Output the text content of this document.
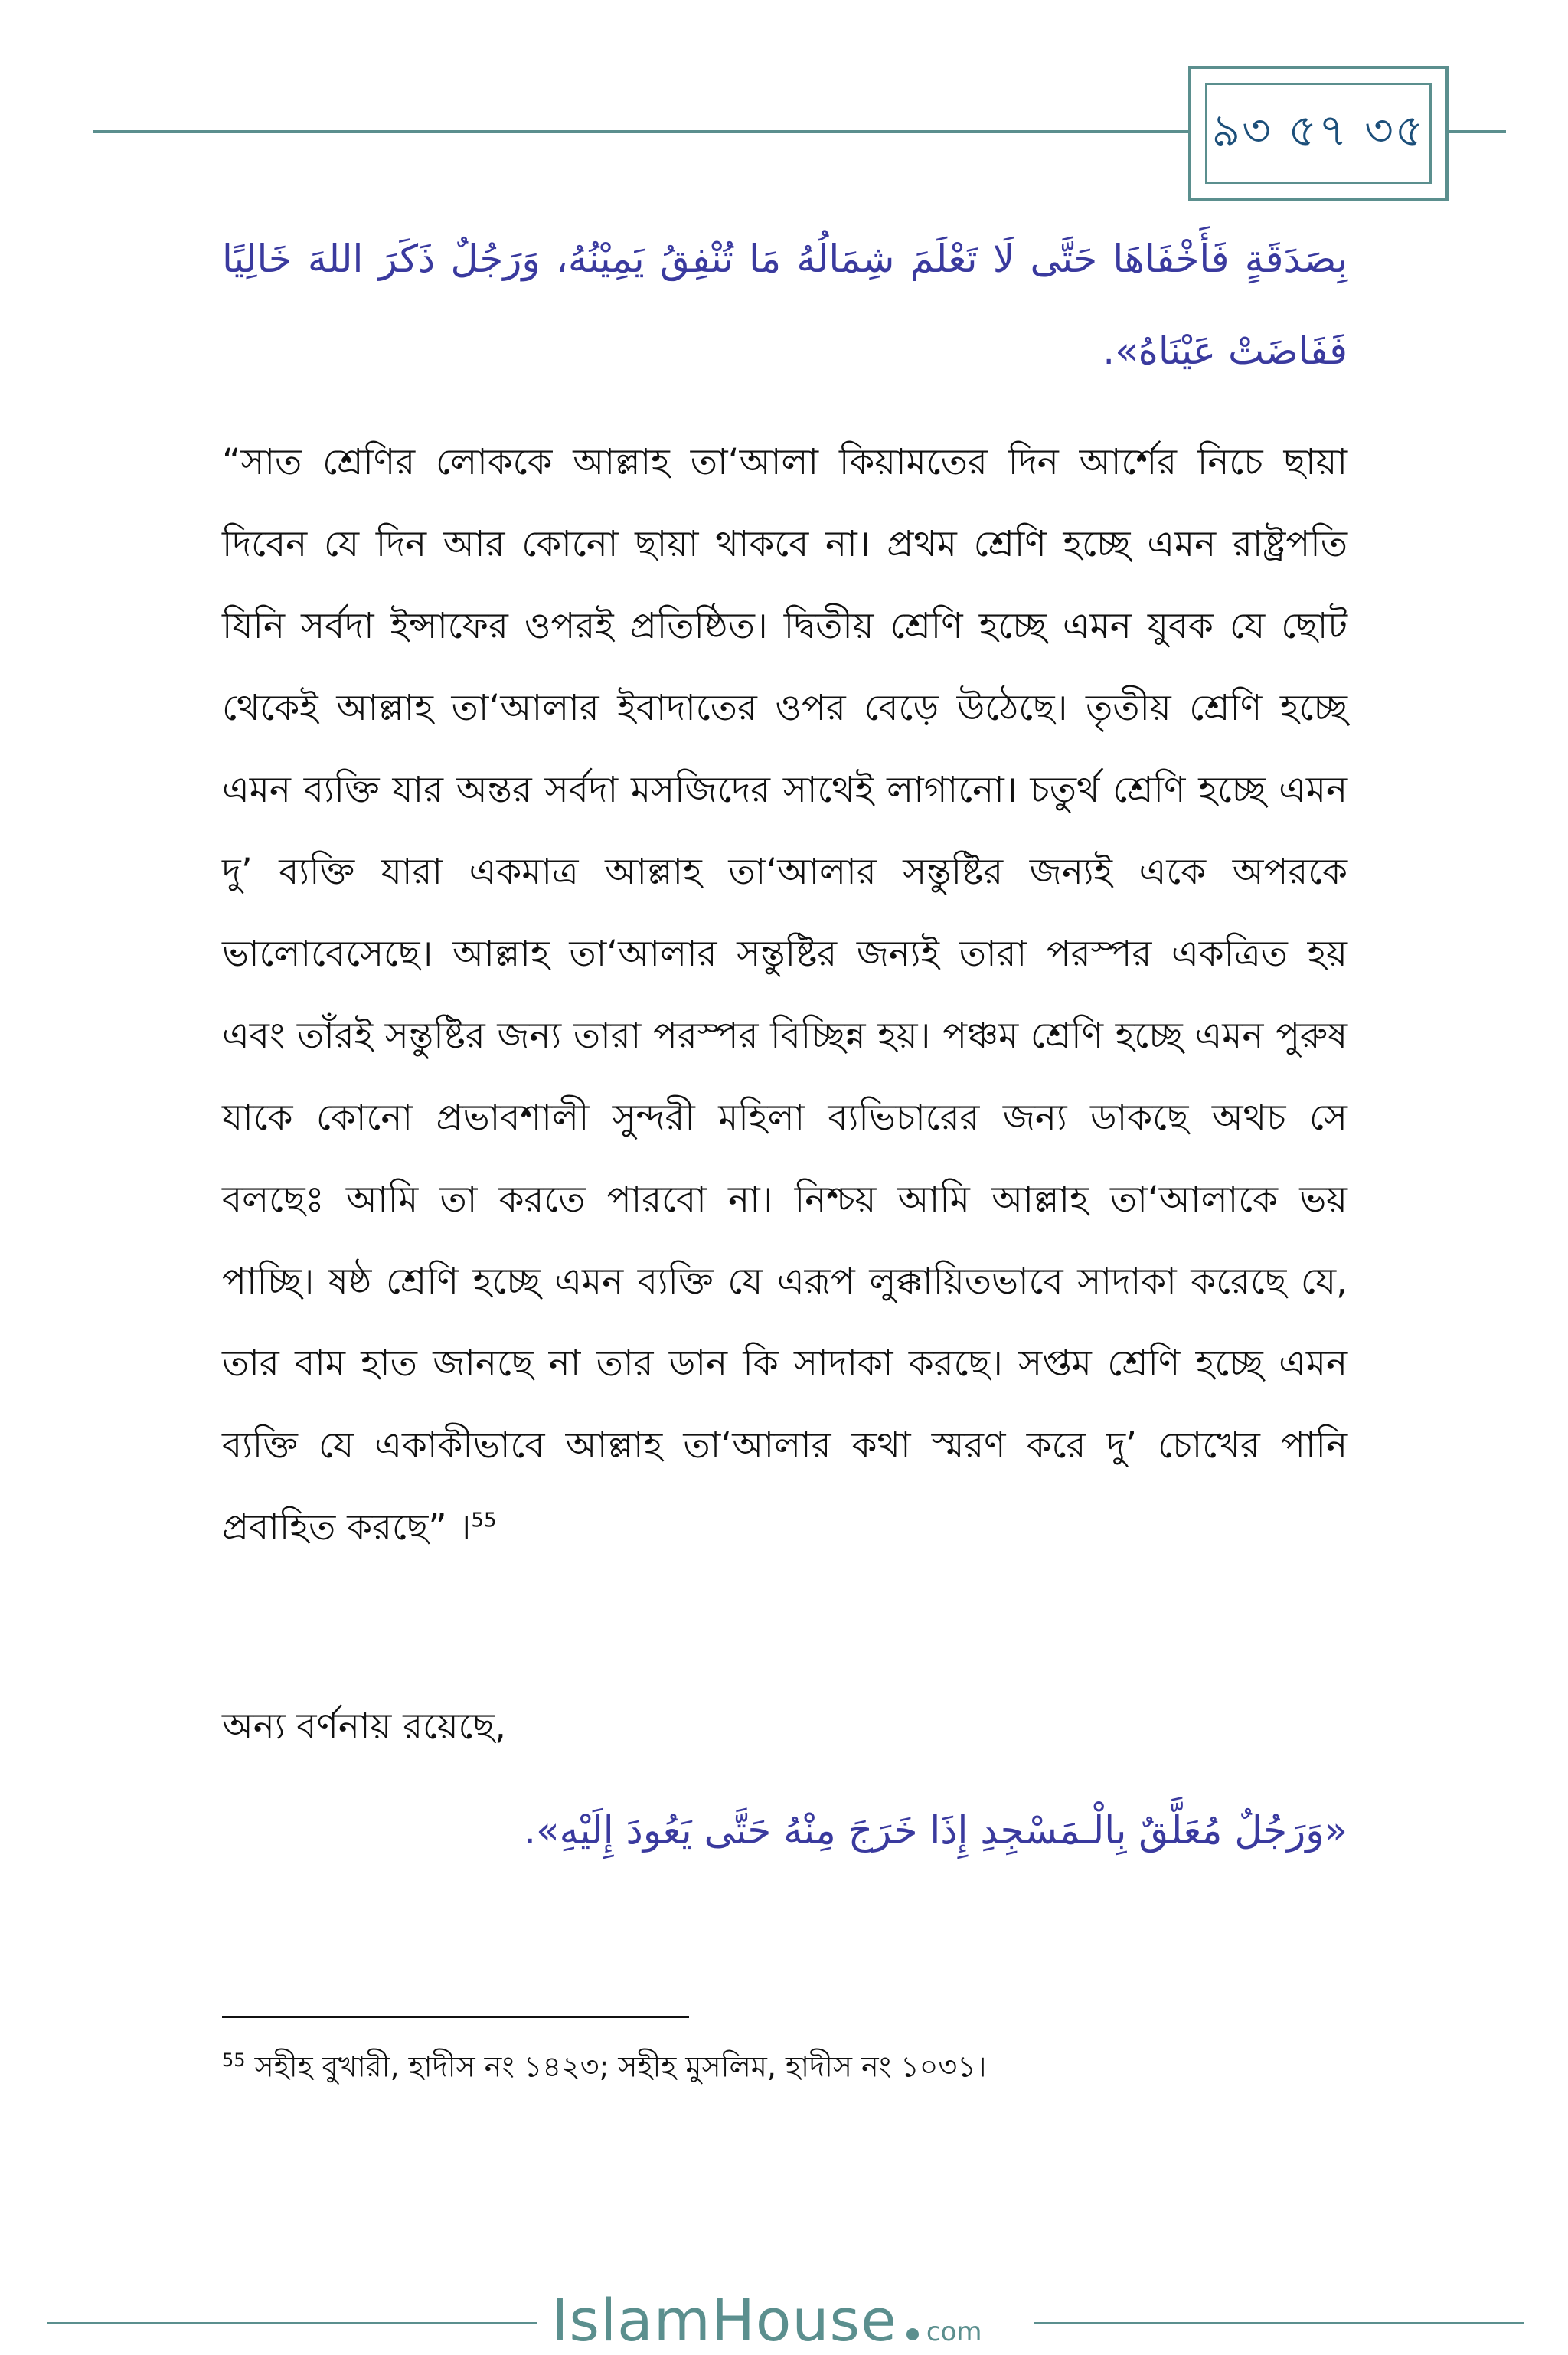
৯৩ ৫৭ ৩৫
بِصَدَقَةٍ فَأَخْفَاهَا حَتَّى لَا تَعْلَمَ شِمَالُهُ مَا تُنْفِقُ يَمِيْنُهُ، وَرَجُلٌ ذَكَرَ اللهَ خَالِيًا فَفَاضَتْ عَيْنَاهُ».
“সাত শ্রেণির লোককে আল্লাহ তা‘আলা কিয়ামতের দিন আর্শের নিচে ছায়া দিবেন যে দিন আর কোনো ছায়া থাকবে না। প্রথম শ্রেণি হচ্ছে এমন রাষ্ট্রপতি যিনি সর্বদা ইন্সাফের ওপরই প্রতিষ্ঠিত। দ্বিতীয় শ্রেণি হচ্ছে এমন যুবক যে ছোট থেকেই আল্লাহ তা‘আলার ইবাদাতের ওপর বেড়ে উঠেছে। তৃতীয় শ্রেণি হচ্ছে এমন ব্যক্তি যার অন্তর সর্বদা মসজিদের সাথেই লাগানো। চতুর্থ শ্রেণি হচ্ছে এমন দু’ ব্যক্তি যারা একমাত্র আল্লাহ তা‘আলার সন্তুষ্টির জন্যই একে অপরকে ভালোবেসেছে। আল্লাহ তা‘আলার সন্তুষ্টির জন্যই তারা পরস্পর একত্রিত হয় এবং তাঁরই সন্তুষ্টির জন্য তারা পরস্পর বিচ্ছিন্ন হয়। পঞ্চম শ্রেণি হচ্ছে এমন পুরুষ যাকে কোনো প্রভাবশালী সুন্দরী মহিলা ব্যভিচারের জন্য ডাকছে অথচ সে বলছেঃ আমি তা করতে পারবো না। নিশ্চয় আমি আল্লাহ তা‘আলাকে ভয় পাচ্ছি। ষষ্ঠ শ্রেণি হচ্ছে এমন ব্যক্তি যে এরূপ লুক্কায়িতভাবে সাদাকা করেছে যে, তার বাম হাত জানছে না তার ডান কি সাদাকা করছে। সপ্তম শ্রেণি হচ্ছে এমন ব্যক্তি যে একাকীভাবে আল্লাহ তা‘আলার কথা স্মরণ করে দু’ চোখের পানি প্রবাহিত করছে” ।$^{55}$
অন্য বর্ণনায় রয়েছে,
«وَرَجُلٌ مُعَلَّقٌ بِالْـمَسْجِدِ إِذَا خَرَجَ مِنْهُ حَتَّى يَعُودَ إِلَيْهِ».
$^{55}$ সহীহ বুখারী, হাদীস নং ১৪২৩; সহীহ মুসলিম, হাদীস নং ১০৩১।
IslamHouse com
